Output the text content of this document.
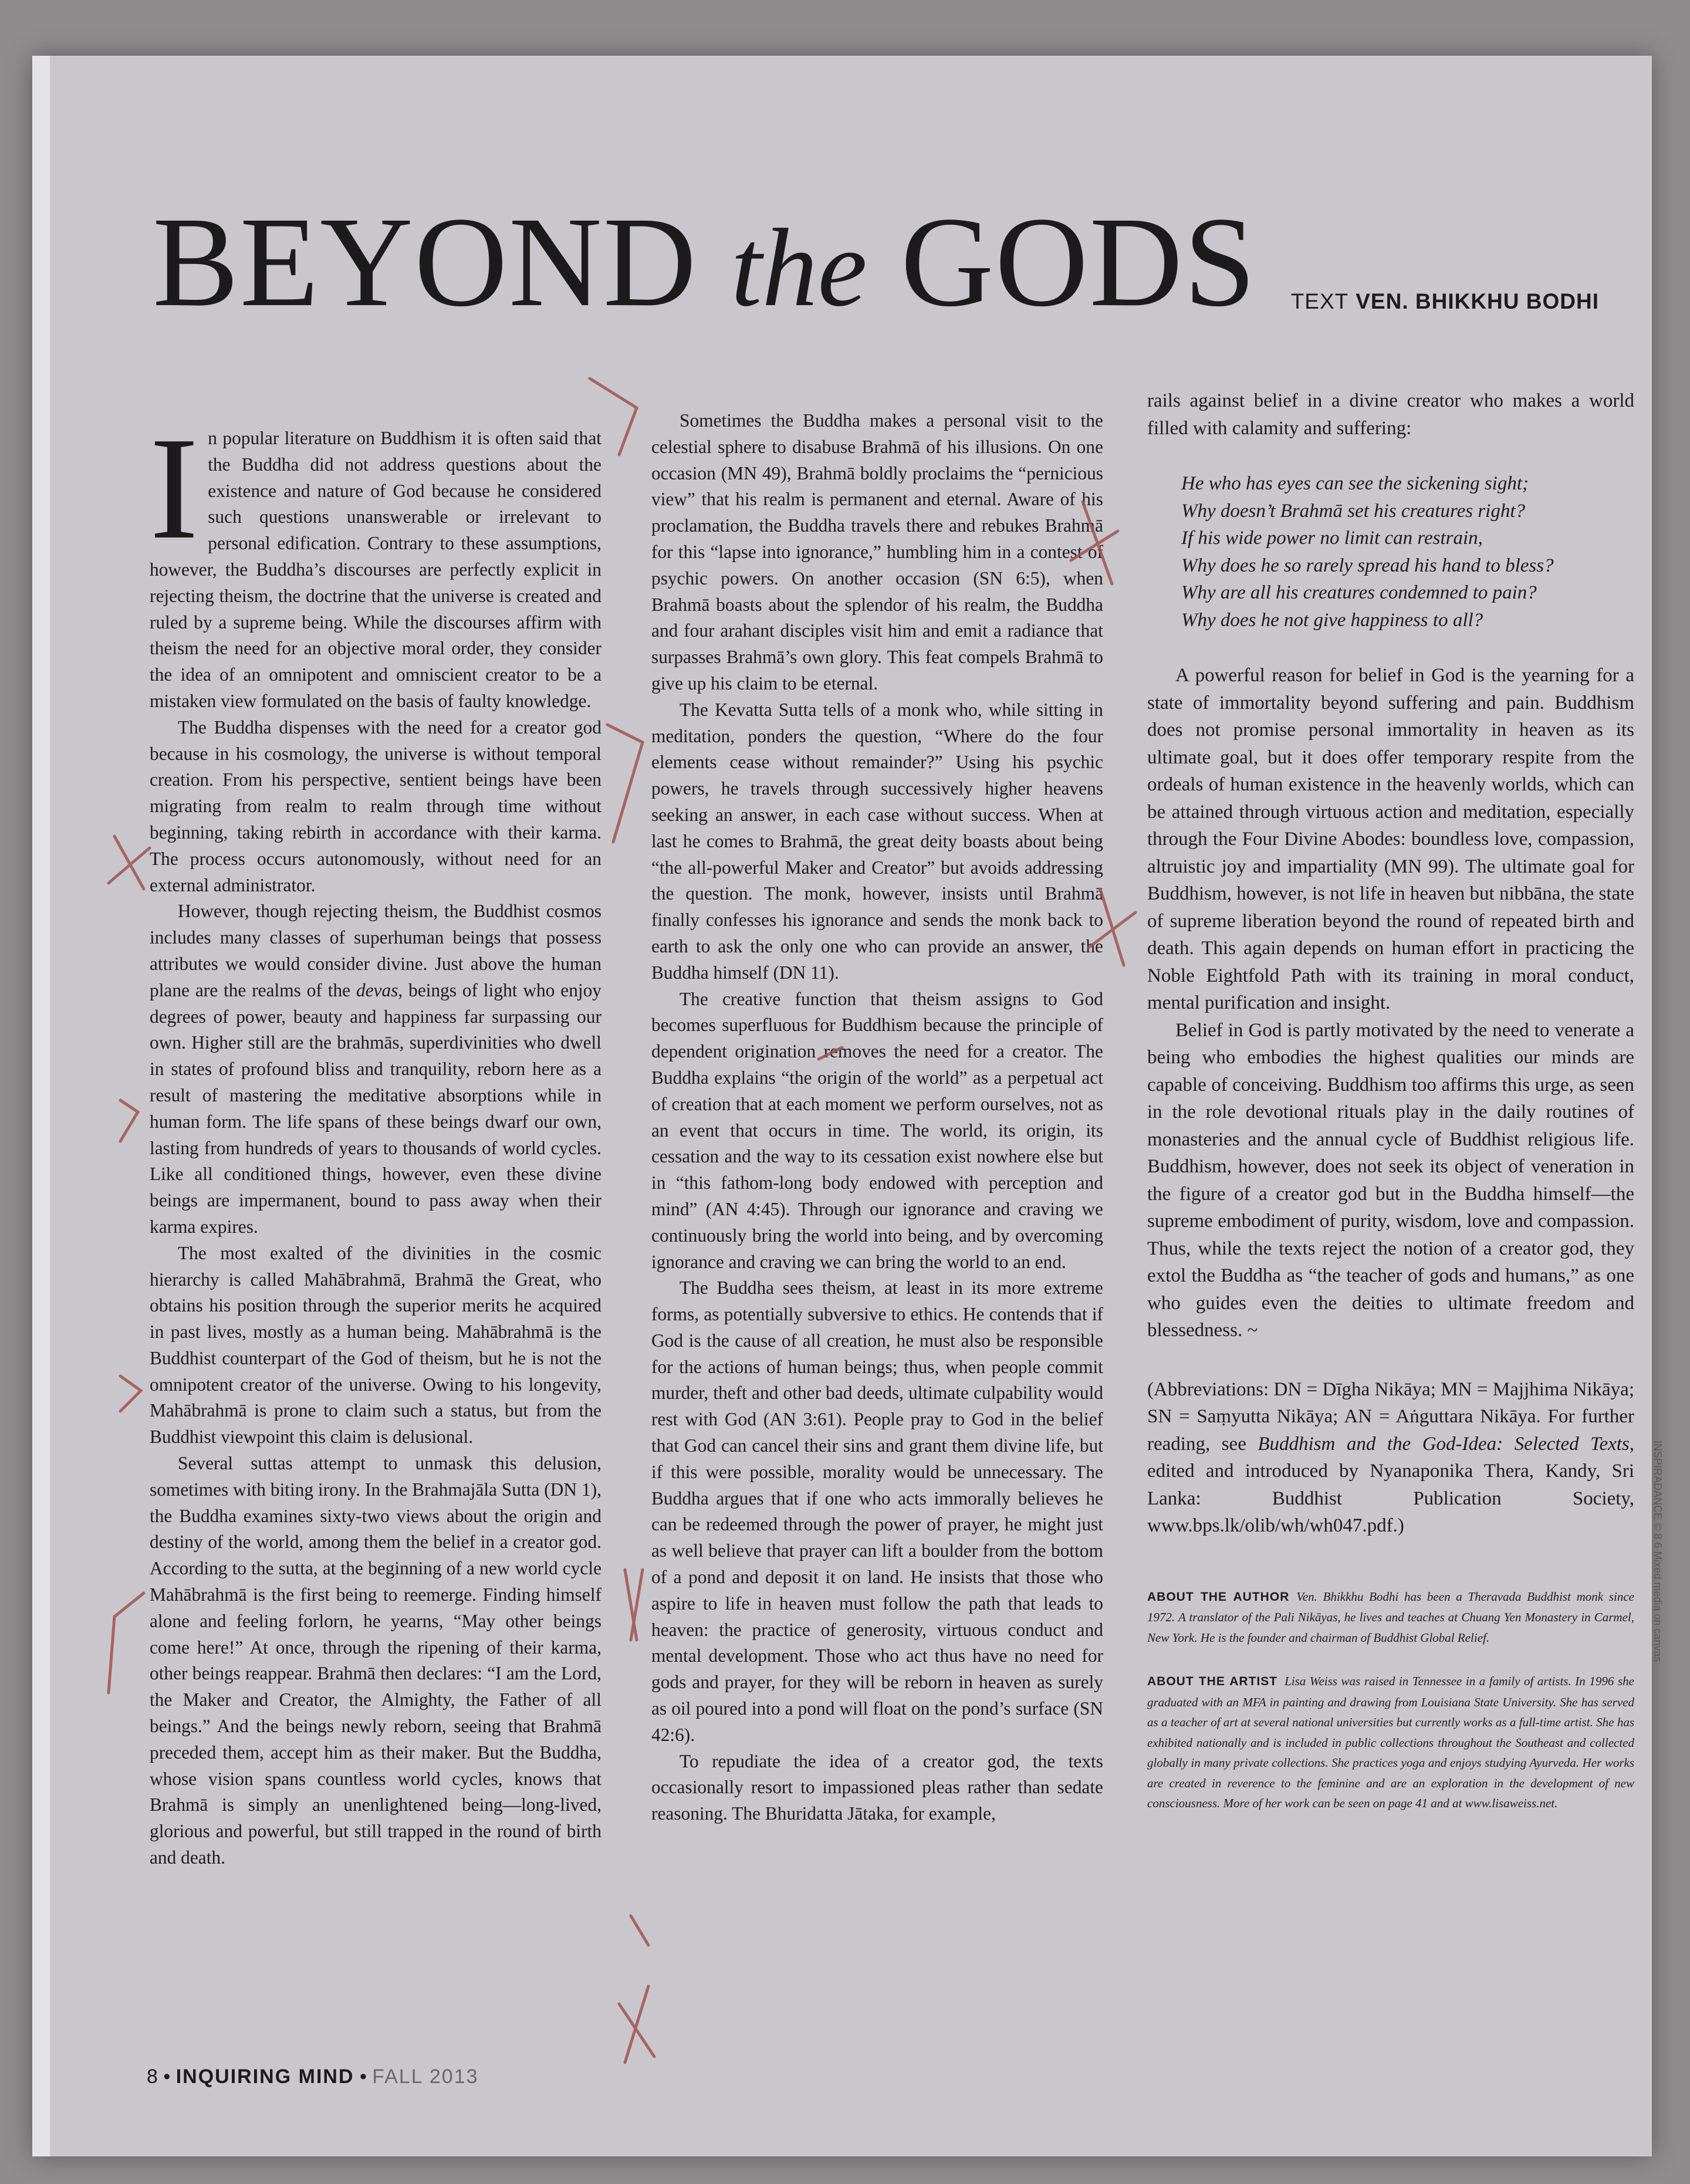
BEYOND the GODS TEXT VEN. BHIKKHU BODHI

In popular literature on Buddhism it is often said that the Buddha did not address questions about the existence and nature of God because he considered such questions unanswerable or irrelevant to personal edification. Contrary to these assumptions, however, the Buddha’s discourses are perfectly explicit in rejecting theism, the doctrine that the universe is created and ruled by a supreme being. While the discourses affirm with theism the need for an objective moral order, they consider the idea of an omnipotent and omniscient creator to be a mistaken view formulated on the basis of faulty knowledge.

The Buddha dispenses with the need for a creator god because in his cosmology, the universe is without temporal creation. From his perspective, sentient beings have been migrating from realm to realm through time without beginning, taking rebirth in accordance with their karma. The process occurs autonomously, without need for an external administrator.

However, though rejecting theism, the Buddhist cosmos includes many classes of superhuman beings that possess attributes we would consider divine. Just above the human plane are the realms of the devas, beings of light who enjoy degrees of power, beauty and happiness far surpassing our own. Higher still are the brahmās, superdivinities who dwell in states of profound bliss and tranquility, reborn here as a result of mastering the meditative absorptions while in human form. The life spans of these beings dwarf our own, lasting from hundreds of years to thousands of world cycles. Like all conditioned things, however, even these divine beings are impermanent, bound to pass away when their karma expires.

The most exalted of the divinities in the cosmic hierarchy is called Mahābrahmā, Brahmā the Great, who obtains his position through the superior merits he acquired in past lives, mostly as a human being. Mahābrahmā is the Buddhist counterpart of the God of theism, but he is not the omnipotent creator of the universe. Owing to his longevity, Mahābrahmā is prone to claim such a status, but from the Buddhist viewpoint this claim is delusional.

Several suttas attempt to unmask this delusion, sometimes with biting irony. In the Brahmajāla Sutta (DN 1), the Buddha examines sixty-two views about the origin and destiny of the world, among them the belief in a creator god. According to the sutta, at the beginning of a new world cycle Mahābrahmā is the first being to reemerge. Finding himself alone and feeling forlorn, he yearns, “May other beings come here!” At once, through the ripening of their karma, other beings reappear. Brahmā then declares: “I am the Lord, the Maker and Creator, the Almighty, the Father of all beings.” And the beings newly reborn, seeing that Brahmā preceded them, accept him as their maker. But the Buddha, whose vision spans countless world cycles, knows that Brahmā is simply an unenlightened being—long-lived, glorious and powerful, but still trapped in the round of birth and death.

Sometimes the Buddha makes a personal visit to the celestial sphere to disabuse Brahmā of his illusions. On one occasion (MN 49), Brahmā boldly proclaims the “pernicious view” that his realm is permanent and eternal. Aware of his proclamation, the Buddha travels there and rebukes Brahmā for this “lapse into ignorance,” humbling him in a contest of psychic powers. On another occasion (SN 6:5), when Brahmā boasts about the splendor of his realm, the Buddha and four arahant disciples visit him and emit a radiance that surpasses Brahmā’s own glory. This feat compels Brahmā to give up his claim to be eternal.

The Kevatta Sutta tells of a monk who, while sitting in meditation, ponders the question, “Where do the four elements cease without remainder?” Using his psychic powers, he travels through successively higher heavens seeking an answer, in each case without success. When at last he comes to Brahmā, the great deity boasts about being “the all-powerful Maker and Creator” but avoids addressing the question. The monk, however, insists until Brahmā finally confesses his ignorance and sends the monk back to earth to ask the only one who can provide an answer, the Buddha himself (DN 11).

The creative function that theism assigns to God becomes superfluous for Buddhism because the principle of dependent origination removes the need for a creator. The Buddha explains “the origin of the world” as a perpetual act of creation that at each moment we perform ourselves, not as an event that occurs in time. The world, its origin, its cessation and the way to its cessation exist nowhere else but in “this fathom-long body endowed with perception and mind” (AN 4:45). Through our ignorance and craving we continuously bring the world into being, and by overcoming ignorance and craving we can bring the world to an end.

The Buddha sees theism, at least in its more extreme forms, as potentially subversive to ethics. He contends that if God is the cause of all creation, he must also be responsible for the actions of human beings; thus, when people commit murder, theft and other bad deeds, ultimate culpability would rest with God (AN 3:61). People pray to God in the belief that God can cancel their sins and grant them divine life, but if this were possible, morality would be unnecessary. The Buddha argues that if one who acts immorally believes he can be redeemed through the power of prayer, he might just as well believe that prayer can lift a boulder from the bottom of a pond and deposit it on land. He insists that those who aspire to life in heaven must follow the path that leads to heaven: the practice of generosity, virtuous conduct and mental development. Those who act thus have no need for gods and prayer, for they will be reborn in heaven as surely as oil poured into a pond will float on the pond’s surface (SN 42:6).

To repudiate the idea of a creator god, the texts occasionally resort to impassioned pleas rather than sedate reasoning. The Bhuridatta Jātaka, for example,

rails against belief in a divine creator who makes a world filled with calamity and suffering:

He who has eyes can see the sickening sight;
Why doesn’t Brahmā set his creatures right?
If his wide power no limit can restrain,
Why does he so rarely spread his hand to bless?
Why are all his creatures condemned to pain?
Why does he not give happiness to all?

A powerful reason for belief in God is the yearning for a state of immortality beyond suffering and pain. Buddhism does not promise personal immortality in heaven as its ultimate goal, but it does offer temporary respite from the ordeals of human existence in the heavenly worlds, which can be attained through virtuous action and meditation, especially through the Four Divine Abodes: boundless love, compassion, altruistic joy and impartiality (MN 99). The ultimate goal for Buddhism, however, is not life in heaven but nibbāna, the state of supreme liberation beyond the round of repeated birth and death. This again depends on human effort in practicing the Noble Eightfold Path with its training in moral conduct, mental purification and insight.

Belief in God is partly motivated by the need to venerate a being who embodies the highest qualities our minds are capable of conceiving. Buddhism too affirms this urge, as seen in the role devotional rituals play in the daily routines of monasteries and the annual cycle of Buddhist religious life. Buddhism, however, does not seek its object of veneration in the figure of a creator god but in the Buddha himself—the supreme embodiment of purity, wisdom, love and compassion. Thus, while the texts reject the notion of a creator god, they extol the Buddha as “the teacher of gods and humans,” as one who guides even the deities to ultimate freedom and blessedness. ~

(Abbreviations: DN = Dīgha Nikāya; MN = Majjhima Nikāya; SN = Saṃyutta Nikāya; AN = Aṅguttara Nikāya. For further reading, see Buddhism and the God-Idea: Selected Texts, edited and introduced by Nyanaponika Thera, Kandy, Sri Lanka: Buddhist Publication Society, www.bps.lk/olib/wh/wh047.pdf.)

ABOUT THE AUTHOR Ven. Bhikkhu Bodhi has been a Theravada Buddhist monk since 1972. A translator of the Pali Nikāyas, he lives and teaches at Chuang Yen Monastery in Carmel, New York. He is the founder and chairman of Buddhist Global Relief.

ABOUT THE ARTIST Lisa Weiss was raised in Tennessee in a family of artists. In 1996 she graduated with an MFA in painting and drawing from Louisiana State University. She has served as a teacher of art at several national universities but currently works as a full-time artist. She has exhibited nationally and is included in public collections throughout the Southeast and collected globally in many private collections. She practices yoga and enjoys studying Ayurveda. Her works are created in reverence to the feminine and are an exploration in the development of new consciousness. More of her work can be seen on page 41 and at www.lisaweiss.net.

8 • INQUIRING MIND • FALL 2013
INSPIRADANCE © 8 6 Mixed media on canvas
